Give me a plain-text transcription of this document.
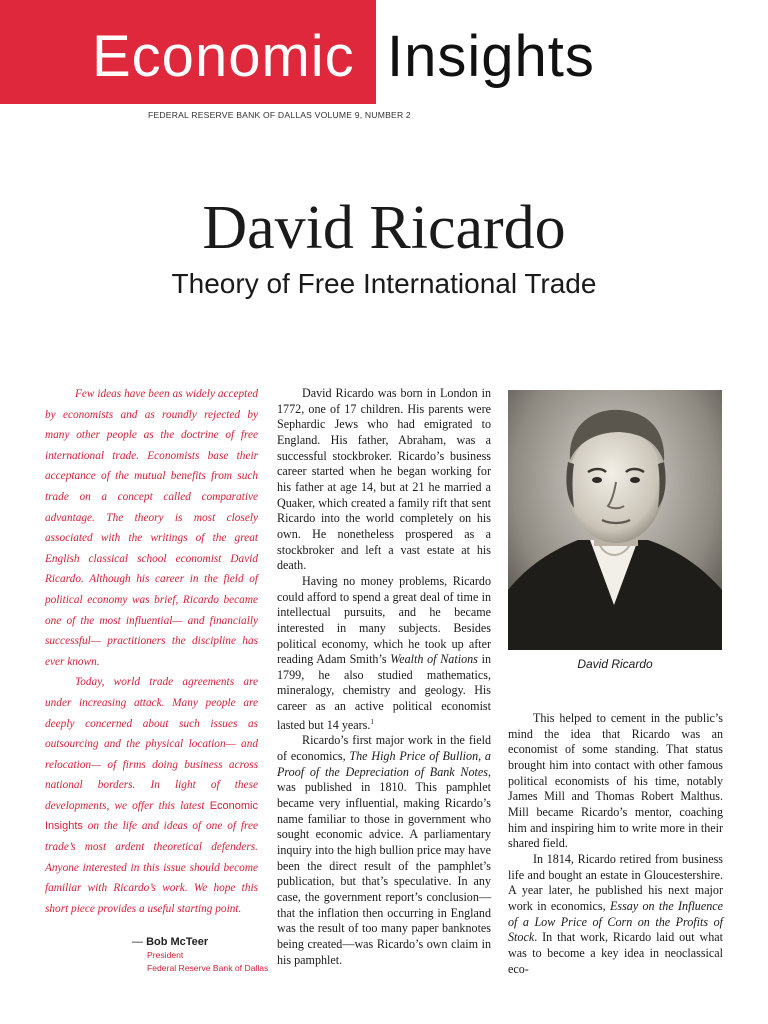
Economic Insights
FEDERAL RESERVE BANK OF DALLAS VOLUME 9, NUMBER 2
David Ricardo
Theory of Free International Trade

Few ideas have been as widely accepted by economists and as roundly rejected by many other people as the doctrine of free international trade. Economists base their acceptance of the mutual benefits from such trade on a concept called comparative advantage. The theory is most closely associated with the writings of the great English classical school economist David Ricardo. Although his career in the field of political economy was brief, Ricardo became one of the most influential— and financially successful— practitioners the discipline has ever known.

Today, world trade agreements are under increasing attack. Many people are deeply concerned about such issues as outsourcing and the physical location— and relocation— of firms doing business across national borders. In light of these developments, we offer this latest Economic Insights on the life and ideas of one of free trade’s most ardent theoretical defenders. Anyone interested in this issue should become familiar with Ricardo’s work. We hope this short piece provides a useful starting point.

— Bob McTeer
President
Federal Reserve Bank of Dallas

David Ricardo was born in London in 1772, one of 17 children. His parents were Sephardic Jews who had emigrated to England. His father, Abraham, was a successful stockbroker. Ricardo’s business career started when he began working for his father at age 14, but at 21 he married a Quaker, which created a family rift that sent Ricardo into the world completely on his own. He nonetheless prospered as a stockbroker and left a vast estate at his death.

Having no money problems, Ricardo could afford to spend a great deal of time in intellectual pursuits, and he became interested in many subjects. Besides political economy, which he took up after reading Adam Smith’s Wealth of Nations in 1799, he also studied mathematics, mineralogy, chemistry and geology. His career as an active political economist lasted but 14 years.$^1$

Ricardo’s first major work in the field of economics, The High Price of Bullion, a Proof of the Depreciation of Bank Notes, was published in 1810. This pamphlet became very influential, making Ricardo’s name familiar to those in government who sought economic advice. A parliamentary inquiry into the high bullion price may have been the direct result of the pamphlet’s publication, but that’s speculative. In any case, the government report’s conclusion—that the inflation then occurring in England was the result of too many paper banknotes being created—was Ricardo’s own claim in his pamphlet.

David Ricardo

This helped to cement in the public’s mind the idea that Ricardo was an economist of some standing. That status brought him into contact with other famous political economists of his time, notably James Mill and Thomas Robert Malthus. Mill became Ricardo’s mentor, coaching him and inspiring him to write more in their shared field.

In 1814, Ricardo retired from business life and bought an estate in Gloucestershire. A year later, he published his next major work in economics, Essay on the Influence of a Low Price of Corn on the Profits of Stock. In that work, Ricardo laid out what was to become a key idea in neoclassical eco-
